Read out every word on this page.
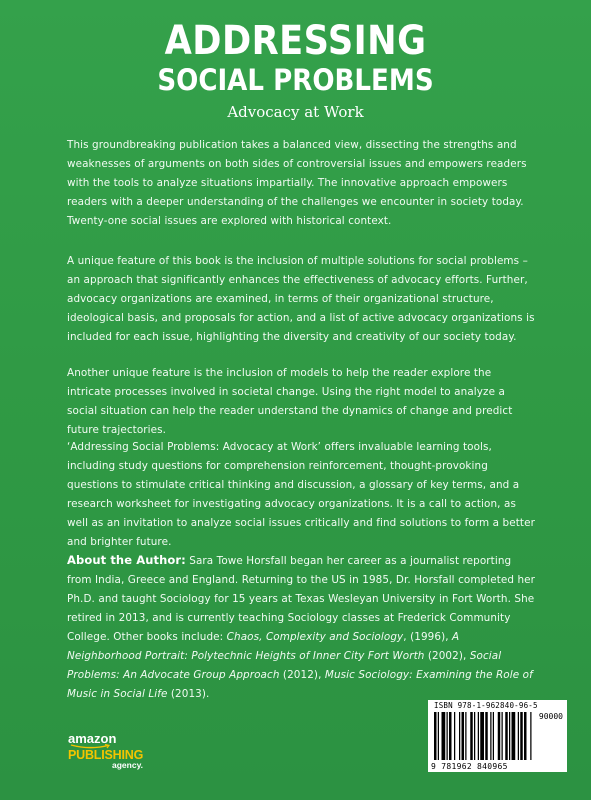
ADDRESSING
SOCIAL PROBLEMS
Advocacy at Work
This groundbreaking publication takes a balanced view, dissecting the strengths and weaknesses of arguments on both sides of controversial issues and empowers readers with the tools to analyze situations impartially. The innovative approach empowers readers with a deeper understanding of the challenges we encounter in society today. Twenty-one social issues are explored with historical context.
A unique feature of this book is the inclusion of multiple solutions for social problems – an approach that significantly enhances the effectiveness of advocacy efforts. Further, advocacy organizations are examined, in terms of their organizational structure, ideological basis, and proposals for action, and a list of active advocacy organizations is included for each issue, highlighting the diversity and creativity of our society today.
Another unique feature is the inclusion of models to help the reader explore the intricate processes involved in societal change. Using the right model to analyze a social situation can help the reader understand the dynamics of change and predict future trajectories.
‘Addressing Social Problems: Advocacy at Work’ offers invaluable learning tools, including study questions for comprehension reinforcement, thought-provoking questions to stimulate critical thinking and discussion, a glossary of key terms, and a research worksheet for investigating advocacy organizations. It is a call to action, as well as an invitation to analyze social issues critically and find solutions to form a better and brighter future.
About the Author: Sara Towe Horsfall began her career as a journalist reporting from India, Greece and England. Returning to the US in 1985, Dr. Horsfall completed her Ph.D. and taught Sociology for 15 years at Texas Wesleyan University in Fort Worth. She retired in 2013, and is currently teaching Sociology classes at Frederick Community College. Other books include: Chaos, Complexity and Sociology, (1996), A Neighborhood Portrait: Polytechnic Heights of Inner City Fort Worth (2002), Social Problems: An Advocate Group Approach (2012), Music Sociology: Examining the Role of Music in Social Life (2013).
ISBN 978-1-962840-96-5
90000
9 781962 840965
amazon
PUBLISHING
agency.
